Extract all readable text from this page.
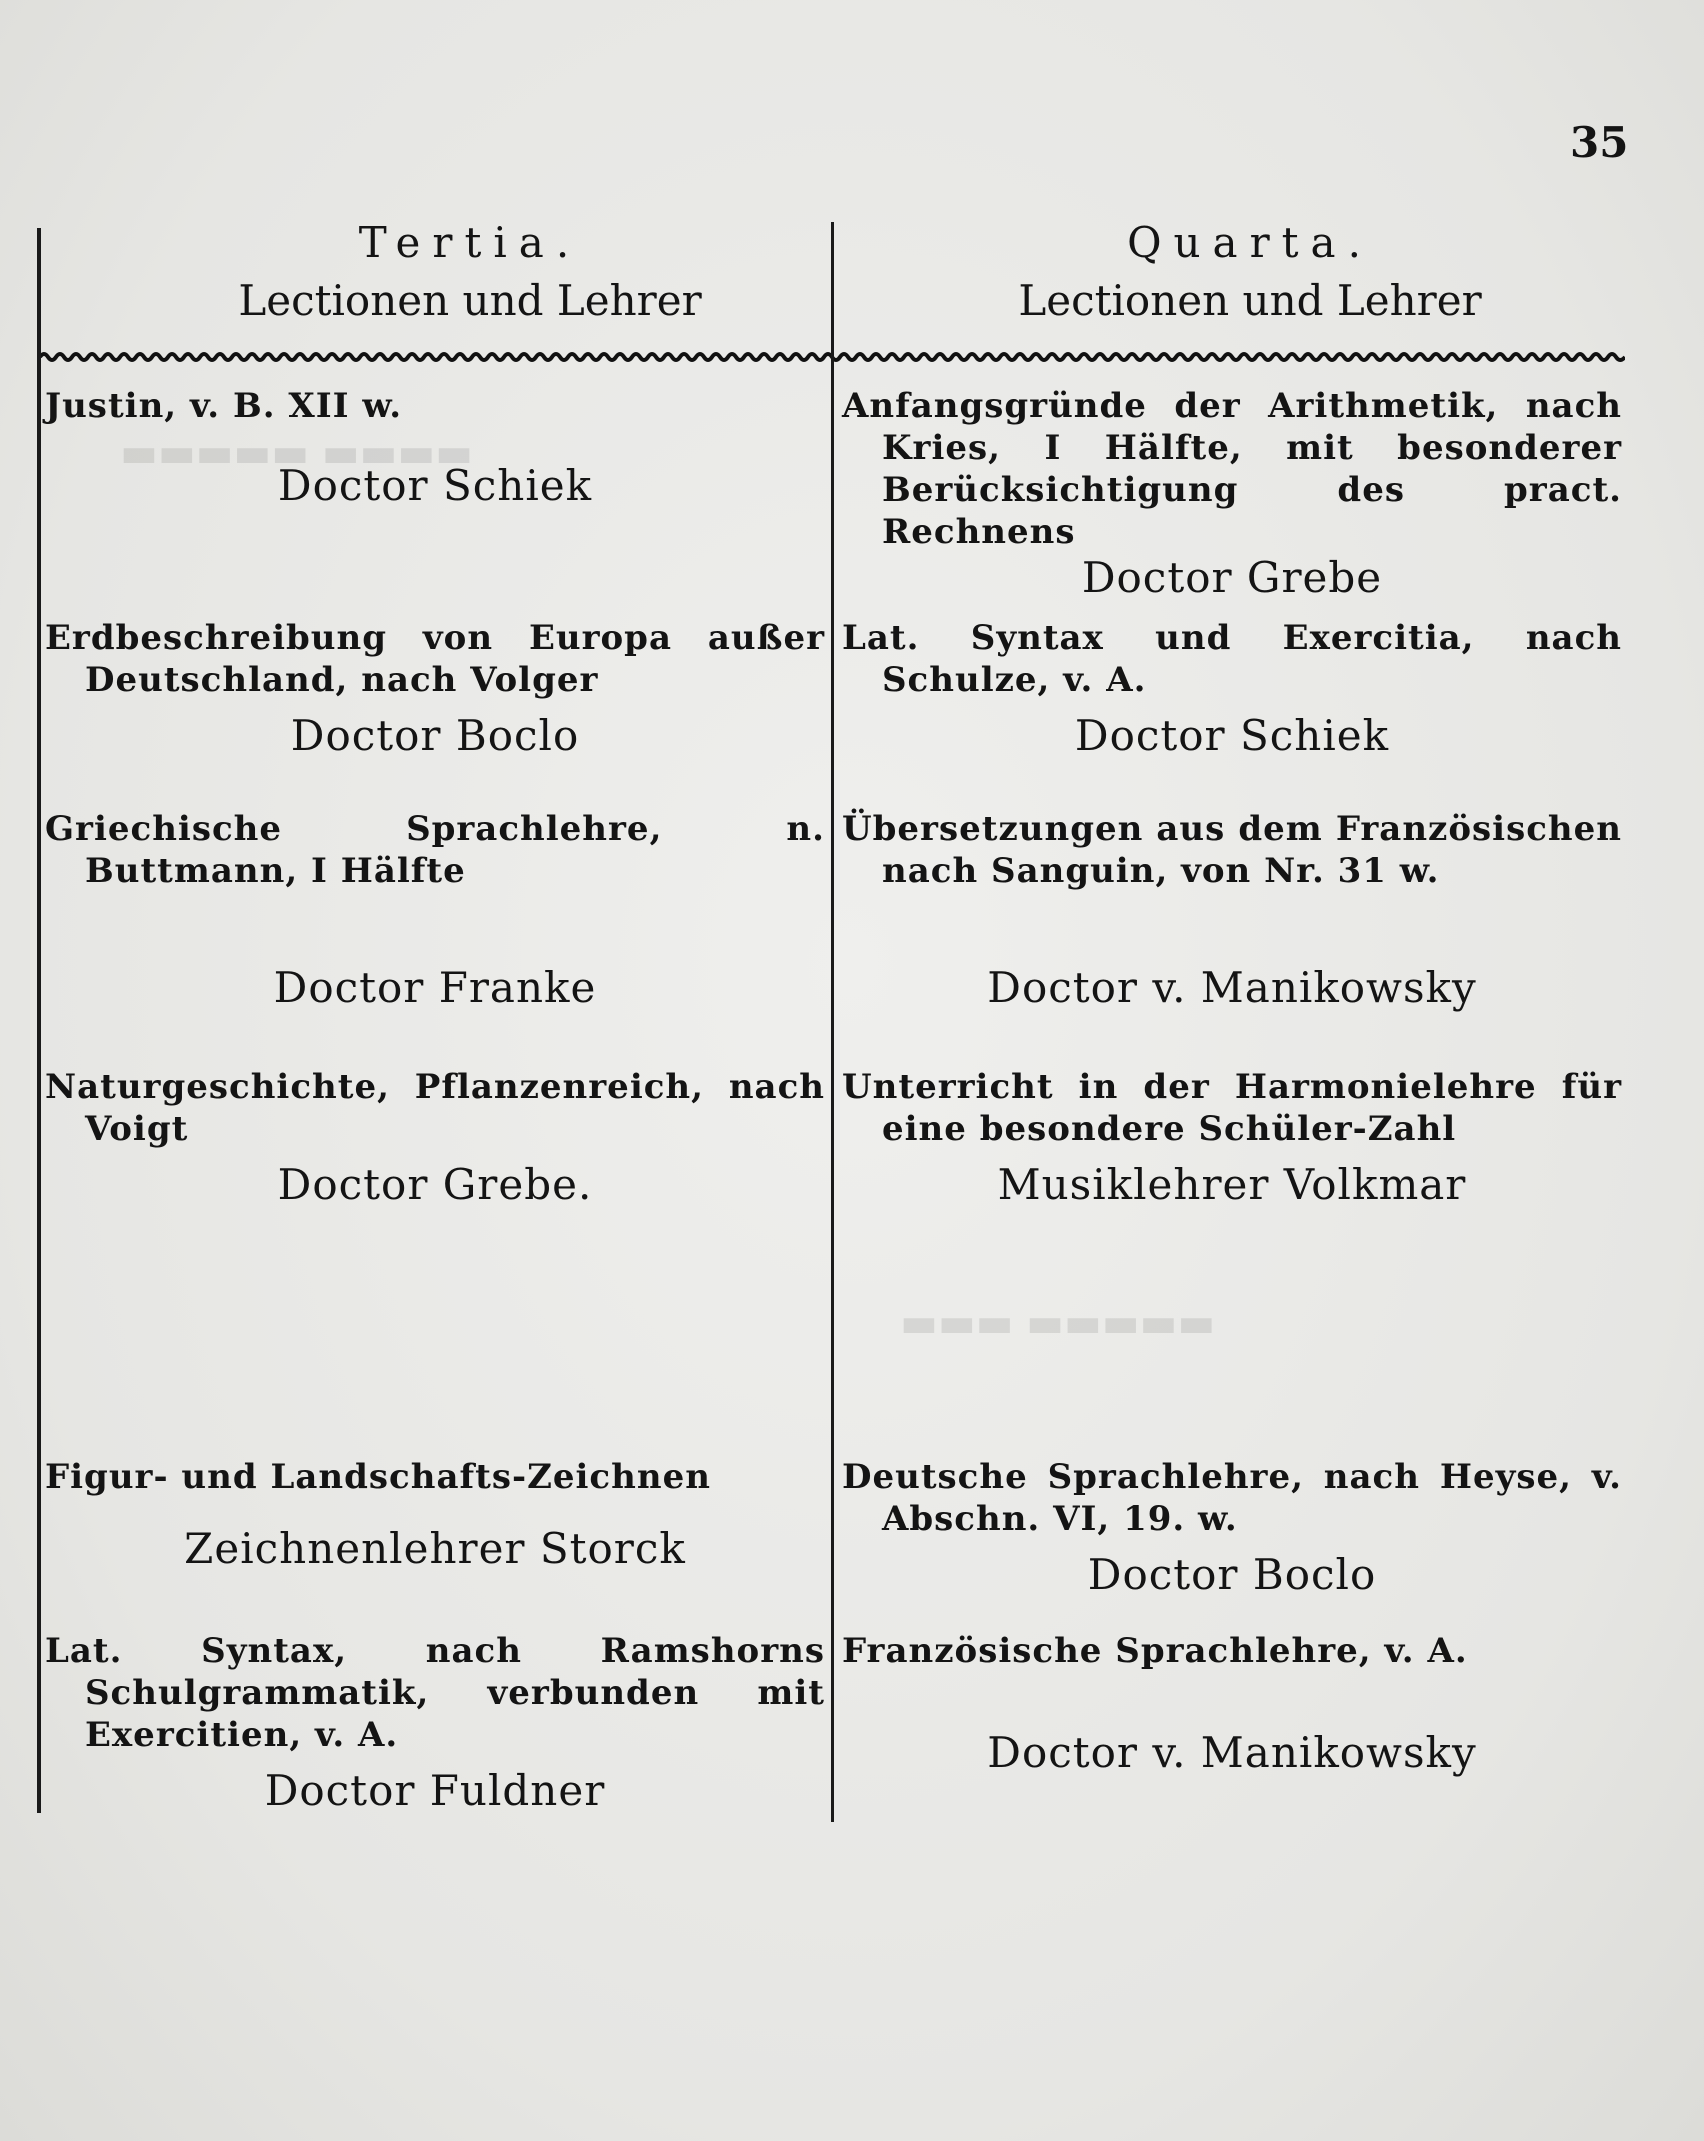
▬▬▬▬ ▬▬▬▬▬
▬▬▬▬▬ ▬▬▬
35
Tertia.
Lectionen und Lehrer
Quarta.
Lectionen und Lehrer
Justin, v. B. XII w.
Doctor Schiek
Erdbeschreibung von Europa außer Deutschland, nach Volger
Doctor Boclo
Griechische Sprachlehre, n. Buttmann, I Hälfte
Doctor Franke
Naturgeschichte, Pflanzenreich, nach Voigt
Doctor Grebe.
Figur- und Landschafts-Zeichnen
Zeichnenlehrer Storck
Lat. Syntax, nach Ramshorns Schulgrammatik, verbunden mit Exercitien, v. A.
Doctor Fuldner
Anfangsgründe der Arithmetik, nach Kries, I Hälfte, mit besonderer Berücksichtigung des pract. Rechnens
Doctor Grebe
Lat. Syntax und Exercitia, nach Schulze, v. A.
Doctor Schiek
Übersetzungen aus dem Französischen nach Sanguin, von Nr. 31 w.
Doctor v. Manikowsky
Unterricht in der Harmonielehre für eine besondere Schüler-Zahl
Musiklehrer Volkmar
Deutsche Sprachlehre, nach Heyse, v. Abschn. VI, 19. w.
Doctor Boclo
Französische Sprachlehre, v. A.
Doctor v. Manikowsky
